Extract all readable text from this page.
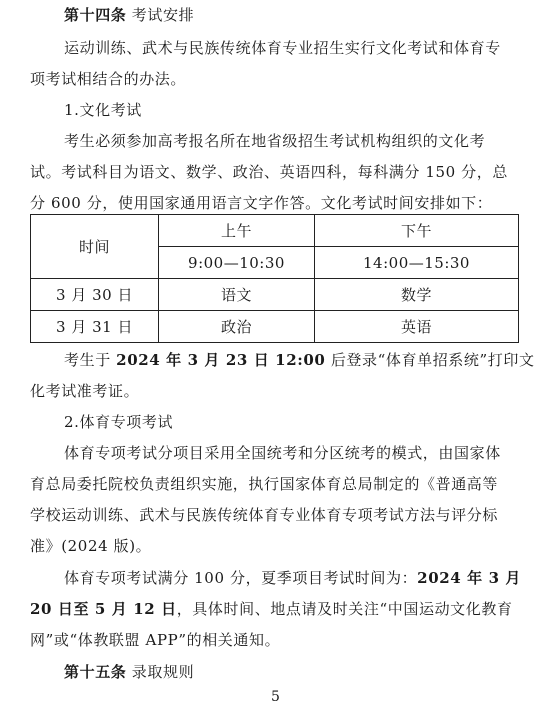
第十四条 考试安排
运动训练、武术与民族传统体育专业招生实行文化考试和体育专
项考试相结合的办法。
1.文化考试
考生必须参加高考报名所在地省级招生考试机构组织的文化考
试。考试科目为语文、数学、政治、英语四科，每科满分 150 分，总
分 600 分，使用国家通用语言文字作答。文化考试时间安排如下：
时间	上午	下午
	9:00—10:30	14:00—15:30
3 月 30 日	语文	数学
3 月 31 日	政治	英语
考生于 2024 年 3 月 23 日 12:00 后登录“体育单招系统”打印文
化考试准考证。
2.体育专项考试
体育专项考试分项目采用全国统考和分区统考的模式，由国家体
育总局委托院校负责组织实施，执行国家体育总局制定的《普通高等
学校运动训练、武术与民族传统体育专业体育专项考试方法与评分标
准》(2024 版)。
体育专项考试满分 100 分，夏季项目考试时间为：2024 年 3 月
20 日至 5 月 12 日，具体时间、地点请及时关注“中国运动文化教育
网”或“体教联盟 APP”的相关通知。
第十五条 录取规则
5
